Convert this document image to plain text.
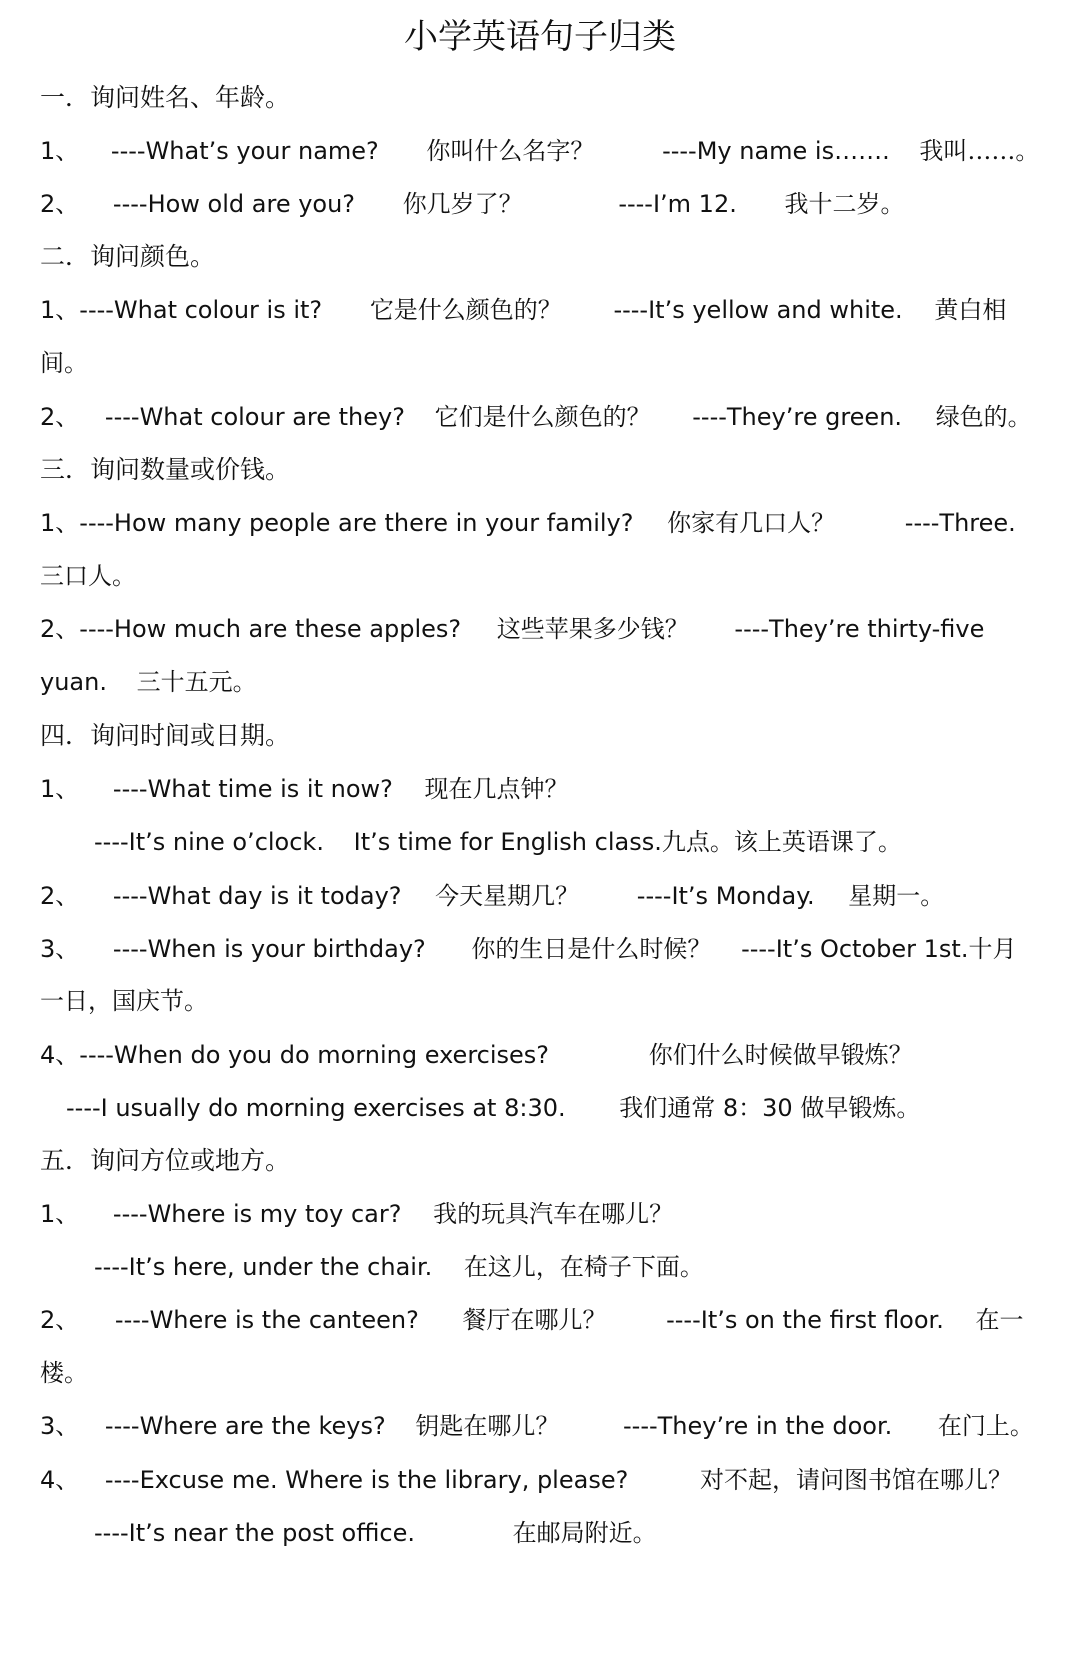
小学英语句子归类
一．询问姓名、年龄。
1、 ----What’s your name? 你叫什么名字？	----My name is……. 我叫……。
2、 ----How old are you? 你几岁了？	----I’m 12. 我十二岁。
二．询问颜色。
1、----What colour is it? 它是什么颜色的？ ----It’s yellow and white. 黄白相
间。
2、 ----What colour are they? 它们是什么颜色的？ ----They’re green. 绿色的。
三．询问数量或价钱。
1、----How many people are there in your family? 你家有几口人？	----Three.
三口人。
2、----How much are these apples? 这些苹果多少钱？ ----They’re thirty-five
yuan. 三十五元。
四．询问时间或日期。
1、 ----What time is it now? 现在几点钟？
----It’s nine o’clock. It’s time for English class.九点。该上英语课了。
2、 ----What day is it today? 今天星期几？ ----It’s Monday. 星期一。
3、 ----When is your birthday? 你的生日是什么时候？ ----It’s October 1st.十月
一日，国庆节。
4、----When do you do morning exercises?	你们什么时候做早锻炼？
----I usually do morning exercises at 8:30. 我们通常 8：30 做早锻炼。
五．询问方位或地方。
1、 ----Where is my toy car? 我的玩具汽车在哪儿？
----It’s here, under the chair. 在这儿，在椅子下面。
2、 ----Where is the canteen? 餐厅在哪儿？ ----It’s on the first floor. 在一
楼。
3、 ----Where are the keys? 钥匙在哪儿？	----They’re in the door. 在门上。
4、 ----Excuse me. Where is the library, please?	对不起，请问图书馆在哪儿？
----It’s near the post office.	在邮局附近。
